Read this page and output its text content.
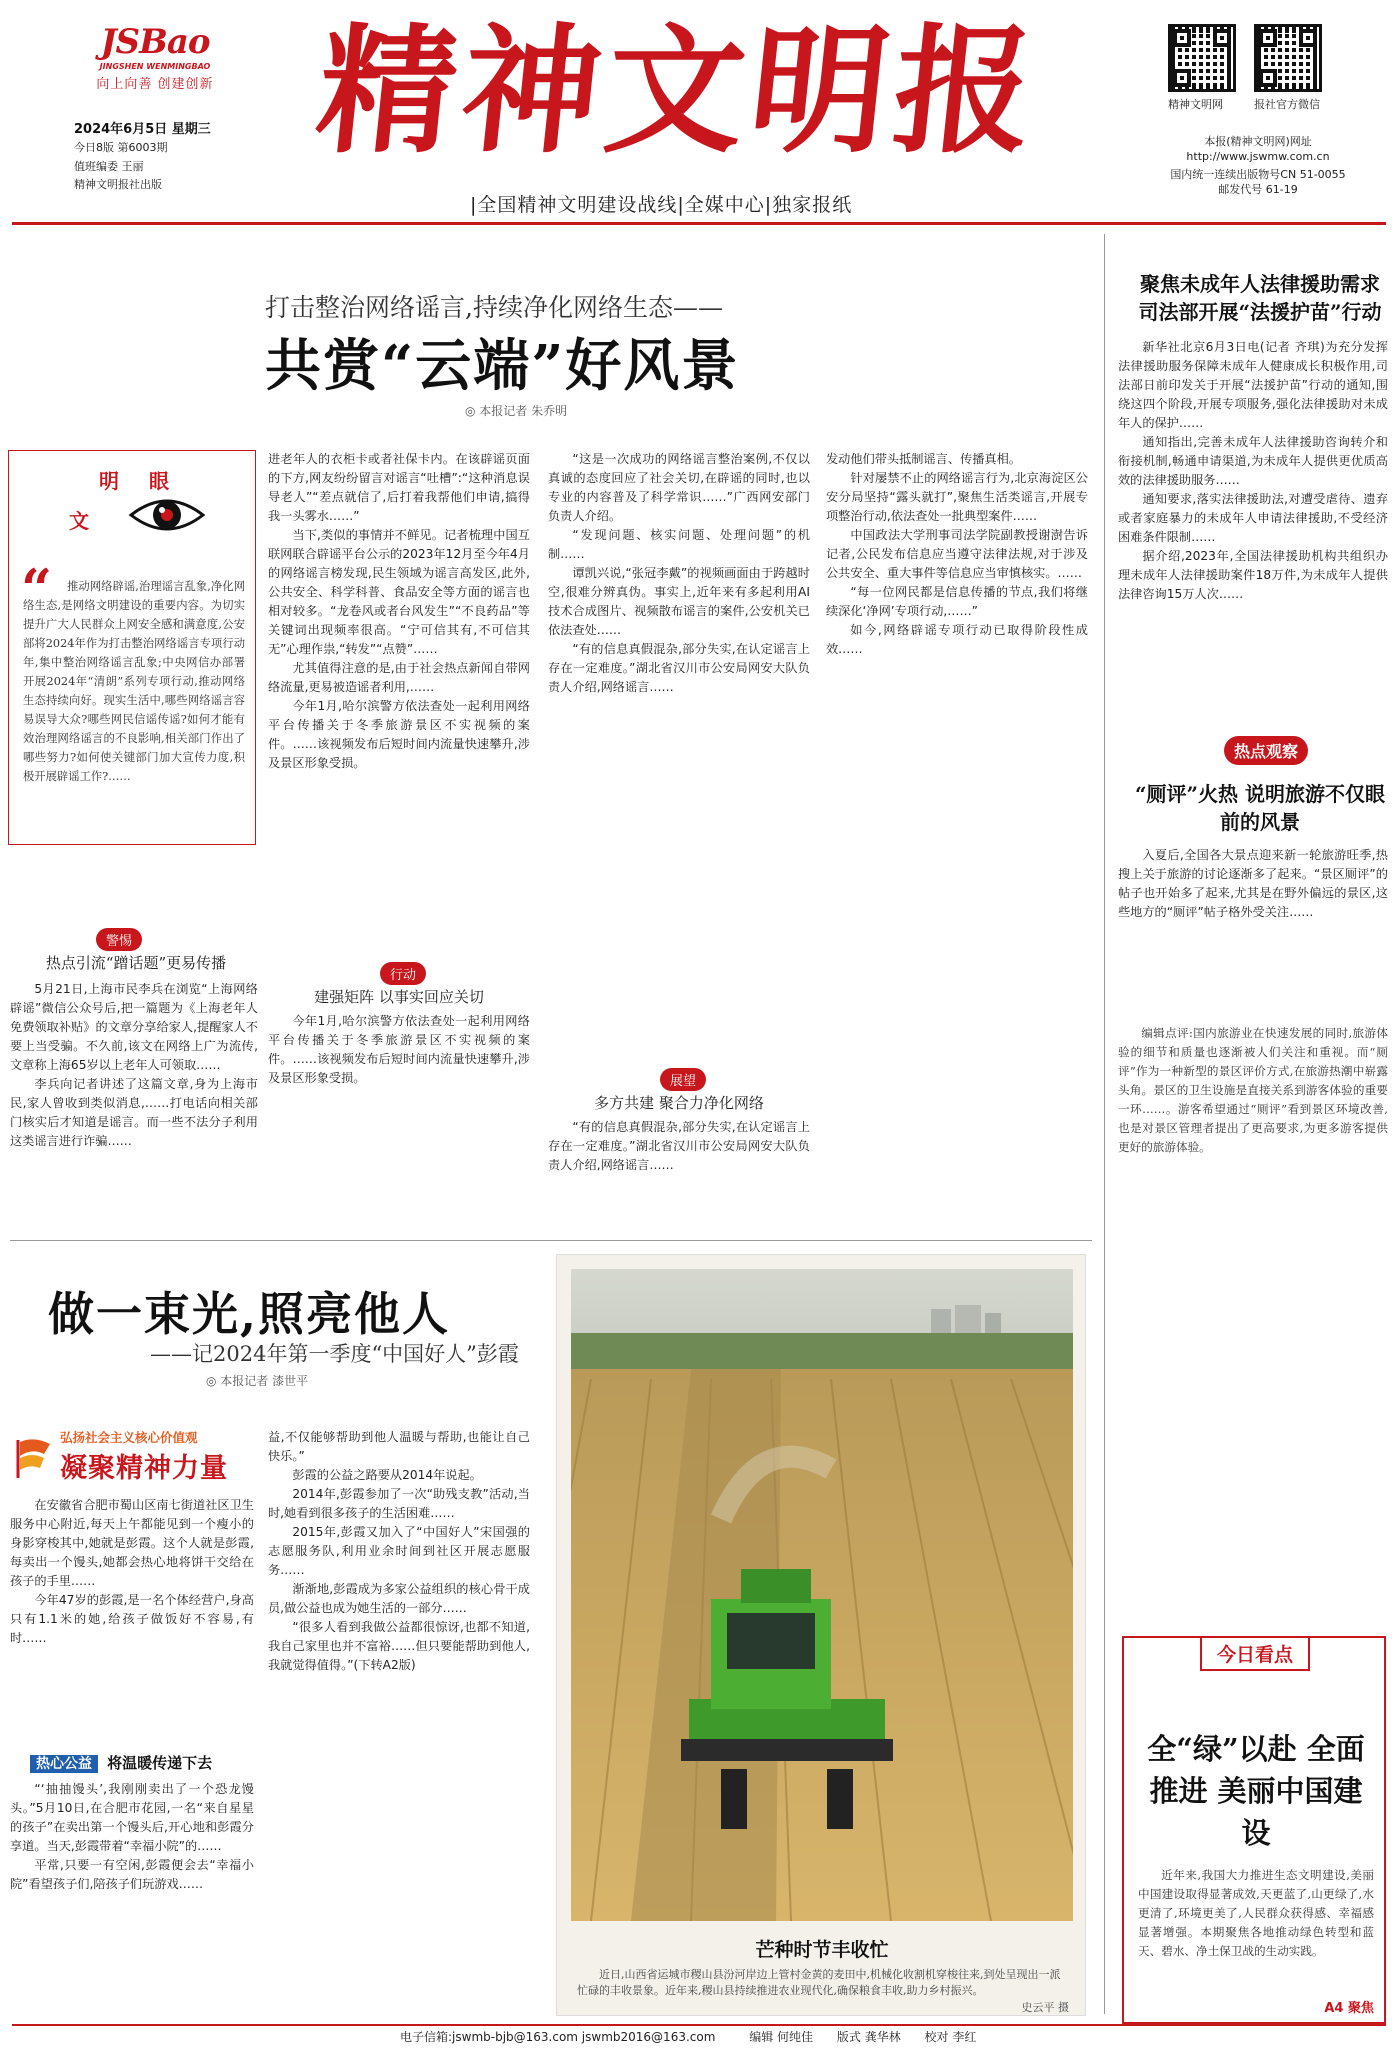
JSBao
JINGSHEN WENMINGBAO
向上向善 创建创新
2024年6月5日 星期三
今日8版 第6003期
值班编委 王丽
精神文明报社出版
精神文明报
|全国精神文明建设战线|全媒中心|独家报纸
精神文明网	报社官方微信
本报(精神文明网)网址
http://www.jswmw.com.cn
国内统一连续出版物号CN 51-0055
邮发代号 61-19
打击整治网络谣言,持续净化网络生态——
共赏“云端”好风景
◎ 本报记者 朱乔明
文
明眼
“	推动网络辟谣,治理谣言乱象,净化网络生态,是网络文明建设的重要内容。为切实提升广大人民群众上网安全感和满意度,公安部将2024年作为打击整治网络谣言专项行动年,集中整治网络谣言乱象;中央网信办部署开展2024年“清朗”系列专项行动,推动网络生态持续向好。现实生活中,哪些网络谣言容易误导大众?哪些网民信谣传谣?如何才能有效治理网络谣言的不良影响,相关部门作出了哪些努力?如何使关键部门加大宣传力度,积极开展辟谣工作?……
警惕
热点引流“蹭话题”更易传播

5月21日,上海市民李兵在浏览“上海网络辟谣”微信公众号后,把一篇题为《上海老年人免费领取补贴》的文章分享给家人,提醒家人不要上当受骗。不久前,该文在网络上广为流传,文章称上海65岁以上老年人可领取……

李兵向记者讲述了这篇文章,身为上海市民,家人曾收到类似消息,……打电话向相关部门核实后才知道是谣言。而一些不法分子利用这类谣言进行诈骗……

进老年人的衣柜卡或者社保卡内。在该辟谣页面的下方,网友纷纷留言对谣言“吐槽”:“这种消息误导老人”“差点就信了,后打着我帮他们申请,搞得我一头雾水……”

当下,类似的事情并不鲜见。记者梳理中国互联网联合辟谣平台公示的2023年12月至今年4月的网络谣言榜发现,民生领域为谣言高发区,此外,公共安全、科学科普、食品安全等方面的谣言也相对较多。“龙卷风或者台风发生”“不良药品”等关键词出现频率很高。“宁可信其有,不可信其无”心理作祟,“转发”“点赞”……

尤其值得注意的是,由于社会热点新闻自带网络流量,更易被造谣者利用,……

今年1月,哈尔滨警方依法查处一起利用网络平台传播关于冬季旅游景区不实视频的案件。……该视频发布后短时间内流量快速攀升,涉及景区形象受损。

行动
建强矩阵 以事实回应关切

今年1月,哈尔滨警方依法查处一起利用网络平台传播关于冬季旅游景区不实视频的案件。……该视频发布后短时间内流量快速攀升,涉及景区形象受损。

“这是一次成功的网络谣言整治案例,不仅以真诚的态度回应了社会关切,在辟谣的同时,也以专业的内容普及了科学常识……”广西网安部门负责人介绍。

“发现问题、核实问题、处理问题”的机制……

谭凯兴说,“张冠李戴”的视频画面由于跨越时空,很难分辨真伪。事实上,近年来有多起利用AI技术合成图片、视频散布谣言的案件,公安机关已依法查处……

“有的信息真假混杂,部分失实,在认定谣言上存在一定难度。”湖北省汉川市公安局网安大队负责人介绍,网络谣言……

展望
多方共建 聚合力净化网络

“有的信息真假混杂,部分失实,在认定谣言上存在一定难度。”湖北省汉川市公安局网安大队负责人介绍,网络谣言……

发动他们带头抵制谣言、传播真相。

针对屡禁不止的网络谣言行为,北京海淀区公安分局坚持“露头就打”,聚焦生活类谣言,开展专项整治行动,依法查处一批典型案件……

中国政法大学刑事司法学院副教授谢澍告诉记者,公民发布信息应当遵守法律法规,对于涉及公共安全、重大事件等信息应当审慎核实。……

“每一位网民都是信息传播的节点,我们将继续深化‘净网’专项行动,……”

如今,网络辟谣专项行动已取得阶段性成效……

聚焦未成年人法律援助需求 司法部开展“法援护苗”行动

新华社北京6月3日电(记者 齐琪)为充分发挥法律援助服务保障未成年人健康成长积极作用,司法部日前印发关于开展“法援护苗”行动的通知,围绕这四个阶段,开展专项服务,强化法律援助对未成年人的保护……

通知指出,完善未成年人法律援助咨询转介和衔接机制,畅通申请渠道,为未成年人提供更优质高效的法律援助服务……

通知要求,落实法律援助法,对遭受虐待、遗弃或者家庭暴力的未成年人申请法律援助,不受经济困难条件限制……

据介绍,2023年,全国法律援助机构共组织办理未成年人法律援助案件18万件,为未成年人提供法律咨询15万人次……

热点观察
“厕评”火热 说明旅游不仅眼前的风景
入夏后,全国各大景点迎来新一轮旅游旺季,热搜上关于旅游的讨论逐渐多了起来。“景区厕评”的帖子也开始多了起来,尤其是在野外偏远的景区,这些地方的“厕评”帖子格外受关注……
编辑点评:国内旅游业在快速发展的同时,旅游体验的细节和质量也逐渐被人们关注和重视。而“厕评”作为一种新型的景区评价方式,在旅游热潮中崭露头角。景区的卫生设施是直接关系到游客体验的重要一环……。游客希望通过“厕评”看到景区环境改善,也是对景区管理者提出了更高要求,为更多游客提供更好的旅游体验。
今日看点
全“绿”以赴 全面推进 美丽中国建设
近年来,我国大力推进生态文明建设,美丽中国建设取得显著成效,天更蓝了,山更绿了,水更清了,环境更美了,人民群众获得感、幸福感显著增强。本期聚焦各地推动绿色转型和蓝天、碧水、净土保卫战的生动实践。
A4 聚焦
做一束光,照亮他人
——记2024年第一季度“中国好人”彭霞
◎ 本报记者 漆世平
弘扬社会主义核心价值观
凝聚精神力量

在安徽省合肥市蜀山区南七街道社区卫生服务中心附近,每天上午都能见到一个瘦小的身影穿梭其中,她就是彭霞。这个人就是彭霞,每卖出一个馒头,她都会热心地将饼干交给在孩子的手里……

今年47岁的彭霞,是一名个体经营户,身高只有1.1米的她,给孩子做饭好不容易,有时……

热心公益 将温暖传递下去

“‘抽抽馒头’,我刚刚卖出了一个恐龙馒头。”5月10日,在合肥市花园,一名“来自星星的孩子”在卖出第一个馒头后,开心地和彭霞分享道。当天,彭霞带着“幸福小院”的……

平常,只要一有空闲,彭霞便会去“幸福小院”看望孩子们,陪孩子们玩游戏……

益,不仅能够帮助到他人温暖与帮助,也能让自己快乐。”

彭霞的公益之路要从2014年说起。

2014年,彭霞参加了一次“助残支教”活动,当时,她看到很多孩子的生活困难……

2015年,彭霞又加入了“中国好人”宋国强的志愿服务队,利用业余时间到社区开展志愿服务……

渐渐地,彭霞成为多家公益组织的核心骨干成员,做公益也成为她生活的一部分……

“很多人看到我做公益都很惊讶,也都不知道,我自己家里也并不富裕……但只要能帮助到他人,我就觉得值得。”(下转A2版)

芒种时节丰收忙
近日,山西省运城市稷山县汾河岸边上管村金黄的麦田中,机械化收割机穿梭往来,到处呈现出一派忙碌的丰收景象。近年来,稷山县持续推进农业现代化,确保粮食丰收,助力乡村振兴。
史云平 摄
电子信箱:jswmb-bjb@163.com jswmb2016@163.com	编辑 何纯佳 版式 龚华林 校对 李红
